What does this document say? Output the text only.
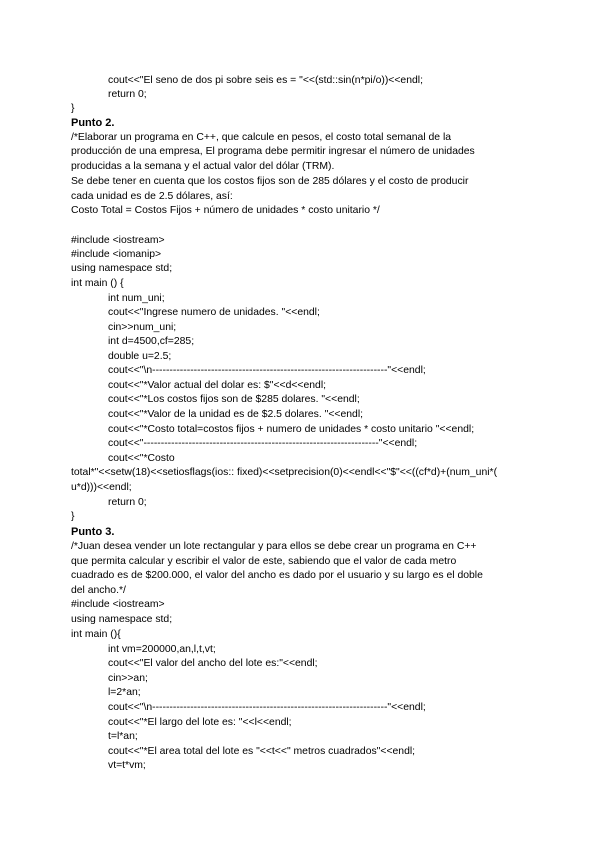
cout<<"El seno de dos pi sobre seis es = "<<(std::sin(n*pi/o))<<endl;
return 0;
}
Punto 2.
/*Elaborar un programa en C++, que calcule en pesos, el costo total semanal de la
producción de una empresa, El programa debe permitir ingresar el número de unidades
producidas a la semana y el actual valor del dólar (TRM).
Se debe tener en cuenta que los costos fijos son de 285 dólares y el costo de producir
cada unidad es de 2.5 dólares, así:
Costo Total = Costos Fijos + número de unidades * costo unitario */
#include <iostream>
#include <iomanip>
using namespace std;
int main () {
int num_uni;
cout<<"Ingrese numero de unidades. "<<endl;
cin>>num_uni;
int d=4500,cf=285;
double u=2.5;
cout<<"\n--------------------------------------------------------------------"<<endl;
cout<<"*Valor actual del dolar es: $"<<d<<endl;
cout<<"*Los costos fijos son de $285 dolares. "<<endl;
cout<<"*Valor de la unidad es de $2.5 dolares. "<<endl;
cout<<"*Costo total=costos fijos + numero de unidades * costo unitario "<<endl;
cout<<"--------------------------------------------------------------------"<<endl;
cout<<"*Costo
total*"<<setw(18)<<setiosflags(ios:: fixed)<<setprecision(0)<<endl<<"$"<<((cf*d)+(num_uni*(
u*d)))<<endl;
return 0;
}
Punto 3.
/*Juan desea vender un lote rectangular y para ellos se debe crear un programa en C++
que permita calcular y escribir el valor de este, sabiendo que el valor de cada metro
cuadrado es de $200.000, el valor del ancho es dado por el usuario y su largo es el doble
del ancho.*/
#include <iostream>
using namespace std;
int main (){
int vm=200000,an,l,t,vt;
cout<<"El valor del ancho del lote es:"<<endl;
cin>>an;
l=2*an;
cout<<"\n--------------------------------------------------------------------"<<endl;
cout<<"*El largo del lote es: "<<l<<endl;
t=l*an;
cout<<"*El area total del lote es "<<t<<" metros cuadrados"<<endl;
vt=t*vm;
